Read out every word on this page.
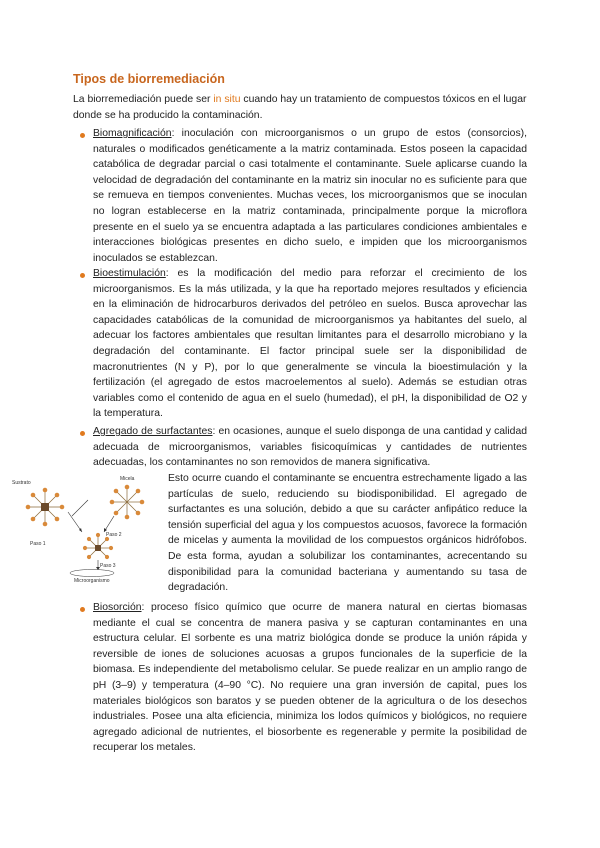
Tipos de biorremediación
La biorremediación puede ser in situ cuando hay un tratamiento de compuestos tóxicos en el lugar donde se ha producido la contaminación.
Biomagnificación: inoculación con microorganismos o un grupo de estos (consorcios), naturales o modificados genéticamente a la matriz contaminada. Estos poseen la capacidad catabólica de degradar parcial o casi totalmente el contaminante. Suele aplicarse cuando la velocidad de degradación del contaminante en la matriz sin inocular no es suficiente para que se remueva en tiempos convenientes. Muchas veces, los microorganismos que se inoculan no logran establecerse en la matriz contaminada, principalmente porque la microflora presente en el suelo ya se encuentra adaptada a las particulares condiciones ambientales e interacciones biológicas presentes en dicho suelo, e impiden que los microorganismos inoculados se establezcan.
Bioestimulación: es la modificación del medio para reforzar el crecimiento de los microorganismos. Es la más utilizada, y la que ha reportado mejores resultados y eficiencia en la eliminación de hidrocarburos derivados del petróleo en suelos. Busca aprovechar las capacidades catabólicas de la comunidad de microorganismos ya habitantes del suelo, al adecuar los factores ambientales que resultan limitantes para el desarrollo microbiano y la degradación del contaminante. El factor principal suele ser la disponibilidad de macronutrientes (N y P), por lo que generalmente se vincula la bioestimulación y la fertilización (el agregado de estos macroelementos al suelo). Además se estudian otras variables como el contenido de agua en el suelo (humedad), el pH, la disponibilidad de O2 y la temperatura.
Agregado de surfactantes: en ocasiones, aunque el suelo disponga de una cantidad y calidad adecuada de microorganismos, variables fisicoquímicas y cantidades de nutrientes adecuadas, los contaminantes no son removidos de manera significativa.
Esto ocurre cuando el contaminante se encuentra estrechamente ligado a las partículas de suelo, reduciendo su biodisponibilidad. El agregado de surfactantes es una solución, debido a que su carácter anfipático reduce la tensión superficial del agua y los compuestos acuosos, favorece la formación de micelas y aumenta la movilidad de los compuestos orgánicos hidrófobos. De esta forma, ayudan a solubilizar los contaminantes, acrecentando su disponibilidad para la comunidad bacteriana y aumentando su tasa de degradación.
Sustrato
Micela
Paso 1
Paso 2
Paso 3
Microorganismo
Biosorción: proceso físico químico que ocurre de manera natural en ciertas biomasas mediante el cual se concentra de manera pasiva y se capturan contaminantes en una estructura celular. El sorbente es una matriz biológica donde se produce la unión rápida y reversible de iones de soluciones acuosas a grupos funcionales de la superficie de la biomasa. Es independiente del metabolismo celular. Se puede realizar en un amplio rango de pH (3–9) y temperatura (4–90 °C). No requiere una gran inversión de capital, pues los materiales biológicos son baratos y se pueden obtener de la agricultura o de los desechos industriales. Posee una alta eficiencia, minimiza los lodos químicos y biológicos, no requiere agregado adicional de nutrientes, el biosorbente es regenerable y permite la posibilidad de recuperar los metales.
